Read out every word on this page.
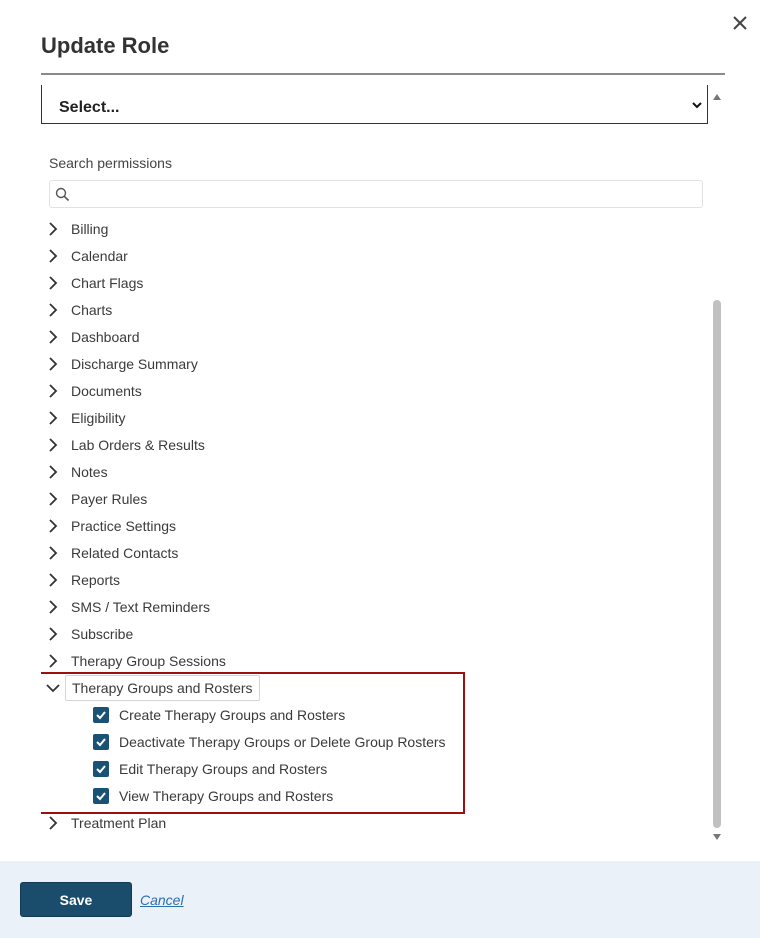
Update Role
Select...
Search permissions
Billing
Calendar
Chart Flags
Charts
Dashboard
Discharge Summary
Documents
Eligibility
Lab Orders & Results
Notes
Payer Rules
Practice Settings
Related Contacts
Reports
SMS / Text Reminders
Subscribe
Therapy Group Sessions
Therapy Groups and Rosters
Create Therapy Groups and Rosters
Deactivate Therapy Groups or Delete Group Rosters
Edit Therapy Groups and Rosters
View Therapy Groups and Rosters
Treatment Plan
Save	Cancel
